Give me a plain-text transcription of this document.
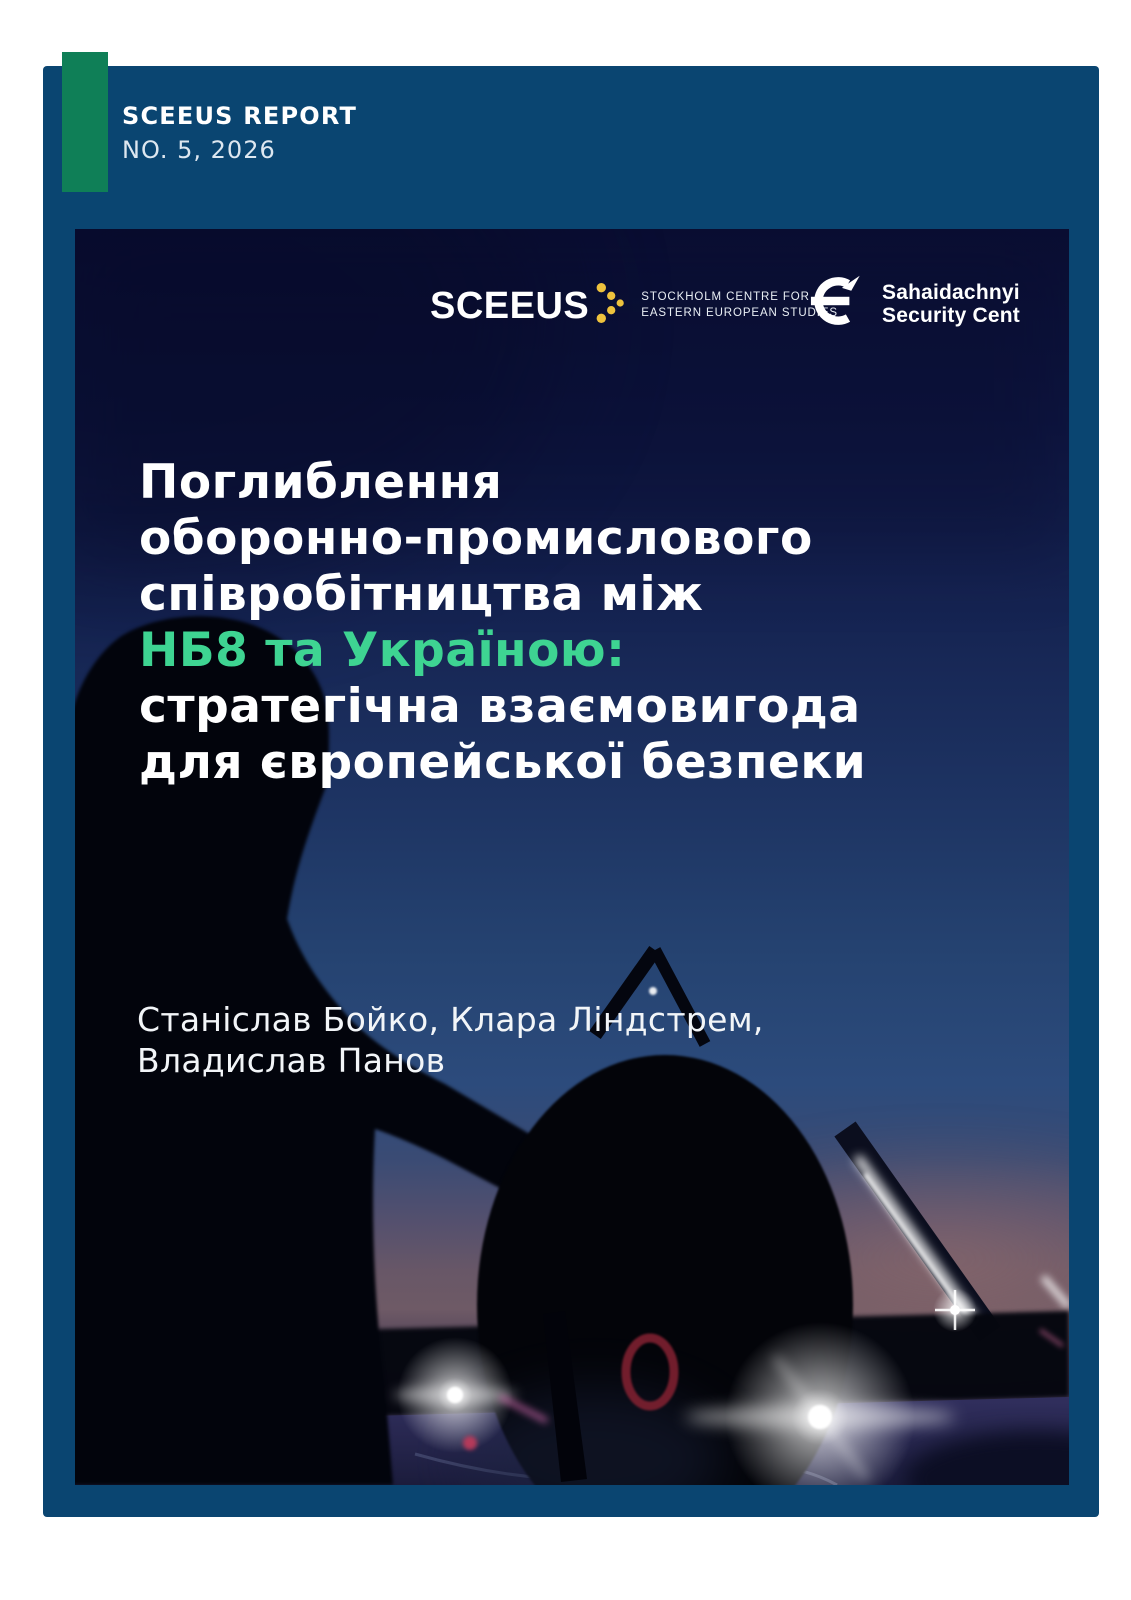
SCEEUS REPORT
NO. 5, 2026
SCEEUS	STOCKHOLM CENTRE FOR
EASTERN EUROPEAN STUDIES
Sahaidachnyi
Security Cent
Поглиблення
оборонно-промислового
співробітництва між
НБ8 та Україною:
стратегічна взаємовигода
для європейської безпеки
Станіслав Бойко, Клара Ліндстрем,
Владислав Панов
